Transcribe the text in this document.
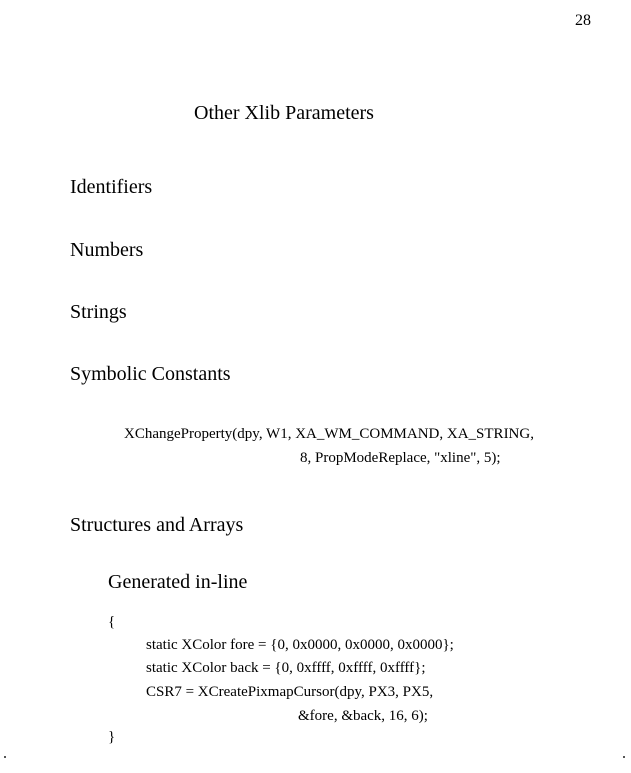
28
Other Xlib Parameters
Identifiers
Numbers
Strings
Symbolic Constants
XChangeProperty(dpy, W1, XA_WM_COMMAND, XA_STRING,
8, PropModeReplace, "xline", 5);
Structures and Arrays
Generated in-line
{
static XColor fore = {0, 0x0000, 0x0000, 0x0000};
static XColor back = {0, 0xffff, 0xffff, 0xffff};
CSR7 = XCreatePixmapCursor(dpy, PX3, PX5,
&fore, &back, 16, 6);
}
